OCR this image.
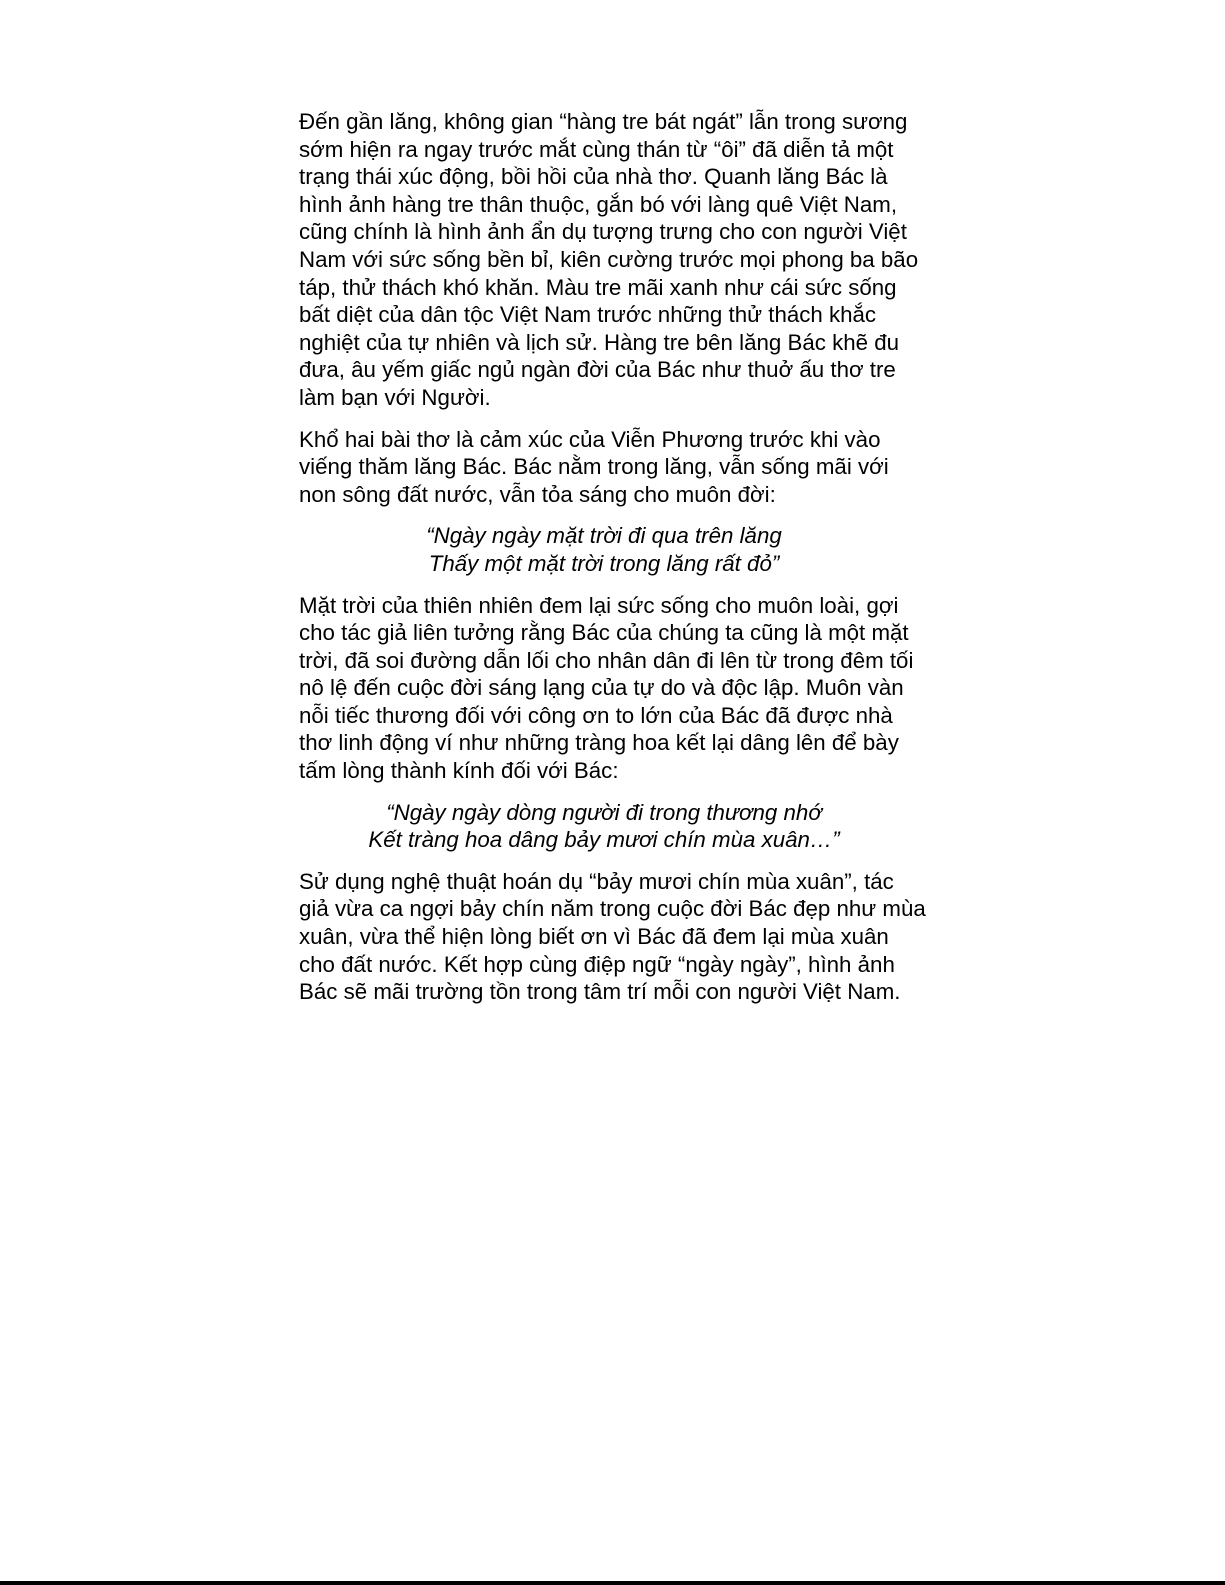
Đến gần lăng, không gian “hàng tre bát ngát” lẫn trong sương sớm hiện ra ngay trước mắt cùng thán từ “ôi” đã diễn tả một trạng thái xúc động, bồi hồi của nhà thơ. Quanh lăng Bác là hình ảnh hàng tre thân thuộc, gắn bó với làng quê Việt Nam, cũng chính là hình ảnh ẩn dụ tượng trưng cho con người Việt Nam với sức sống bền bỉ, kiên cường trước mọi phong ba bão táp, thử thách khó khăn. Màu tre mãi xanh như cái sức sống bất diệt của dân tộc Việt Nam trước những thử thách khắc nghiệt của tự nhiên và lịch sử. Hàng tre bên lăng Bác khẽ đu đưa, âu yếm giấc ngủ ngàn đời của Bác như thuở ấu thơ tre làm bạn với Người.

Khổ hai bài thơ là cảm xúc của Viễn Phương trước khi vào viếng thăm lăng Bác. Bác nằm trong lăng, vẫn sống mãi với non sông đất nước, vẫn tỏa sáng cho muôn đời:

“Ngày ngày mặt trời đi qua trên lăng
Thấy một mặt trời trong lăng rất đỏ”

Mặt trời của thiên nhiên đem lại sức sống cho muôn loài, gợi cho tác giả liên tưởng rằng Bác của chúng ta cũng là một mặt trời, đã soi đường dẫn lối cho nhân dân đi lên từ trong đêm tối nô lệ đến cuộc đời sáng lạng của tự do và độc lập. Muôn vàn nỗi tiếc thương đối với công ơn to lớn của Bác đã được nhà thơ linh động ví như những tràng hoa kết lại dâng lên để bày tấm lòng thành kính đối với Bác:

“Ngày ngày dòng người đi trong thương nhớ
Kết tràng hoa dâng bảy mươi chín mùa xuân…”

Sử dụng nghệ thuật hoán dụ “bảy mươi chín mùa xuân”, tác giả vừa ca ngợi bảy chín năm trong cuộc đời Bác đẹp như mùa xuân, vừa thể hiện lòng biết ơn vì Bác đã đem lại mùa xuân cho đất nước. Kết hợp cùng điệp ngữ “ngày ngày”, hình ảnh Bác sẽ mãi trường tồn trong tâm trí mỗi con người Việt Nam.
